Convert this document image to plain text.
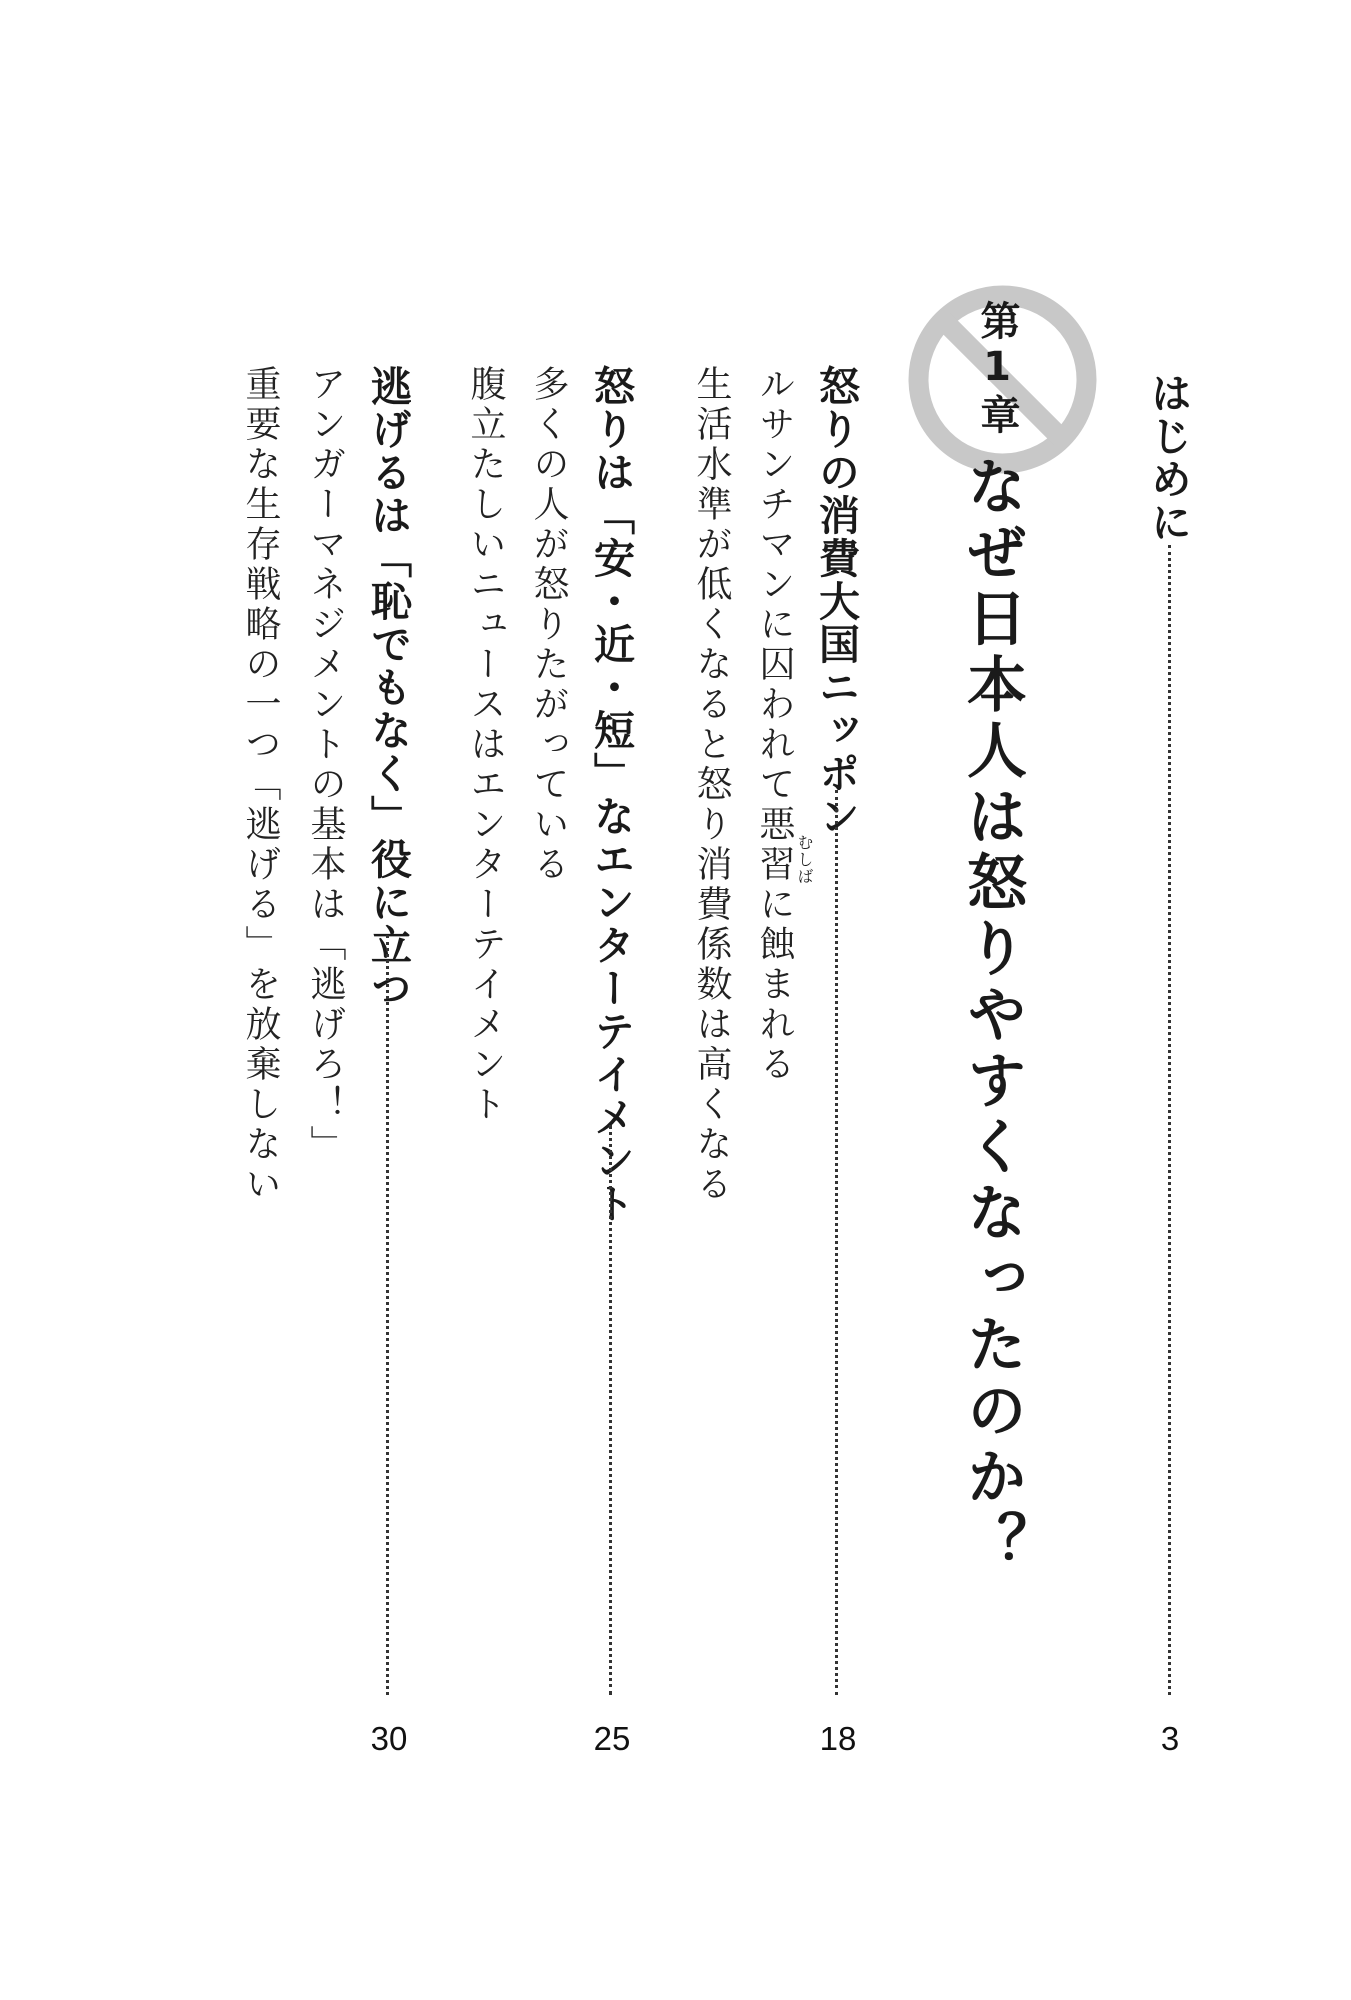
はじめに
3
第1章
なぜ日本人は怒りやすくなったのか？
怒りの消費大国ニッポン
18
ルサンチマンに囚われて悪習に蝕まれる むしば
生活水準が低くなると怒り消費係数は高くなる
怒りは「安・近・短」なエンターテイメント
25
多くの人が怒りたがっている
腹立たしいニュースはエンターテイメント
逃げるは「恥でもなく」役に立つ
30
アンガーマネジメントの基本は「逃げろ！」
重要な生存戦略の一つ「逃げる」を放棄しない
